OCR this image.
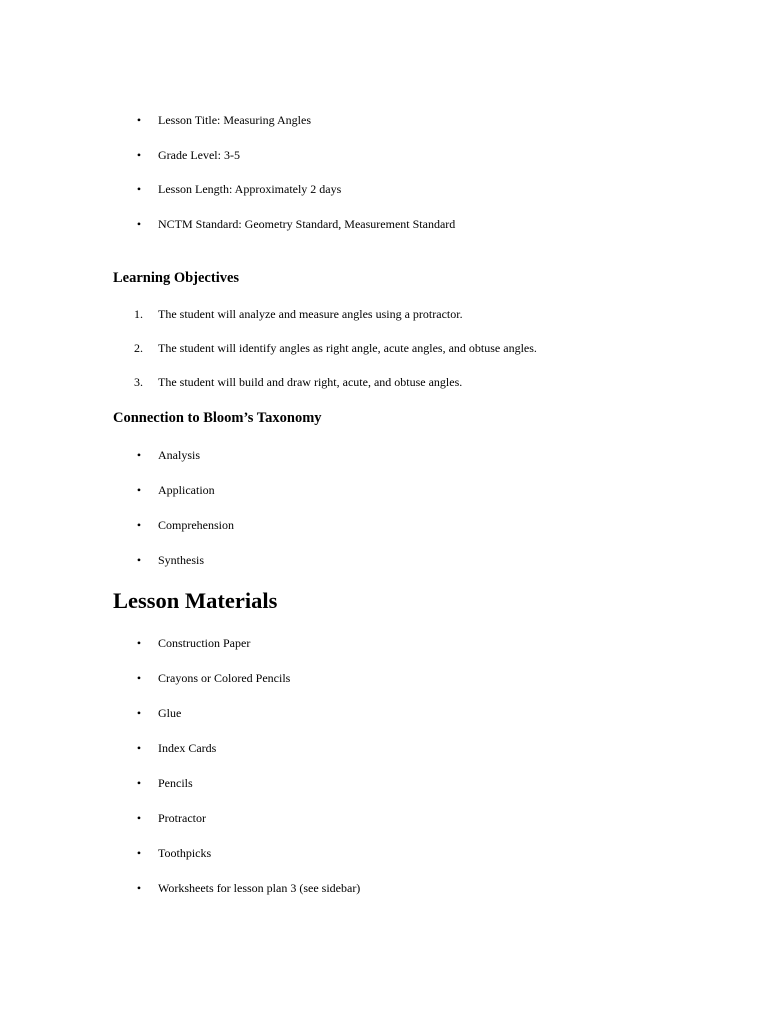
•	Lesson Title: Measuring Angles
•	Grade Level: 3-5
•	Lesson Length: Approximately 2 days
•	NCTM Standard: Geometry Standard, Measurement Standard
Learning Objectives
1.	The student will analyze and measure angles using a protractor.
2.	The student will identify angles as right angle, acute angles, and obtuse angles.
3.	The student will build and draw right, acute, and obtuse angles.
Connection to Bloom’s Taxonomy
•	Analysis
•	Application
•	Comprehension
•	Synthesis
Lesson Materials
•	Construction Paper
•	Crayons or Colored Pencils
•	Glue
•	Index Cards
•	Pencils
•	Protractor
•	Toothpicks
•	Worksheets for lesson plan 3 (see sidebar)
